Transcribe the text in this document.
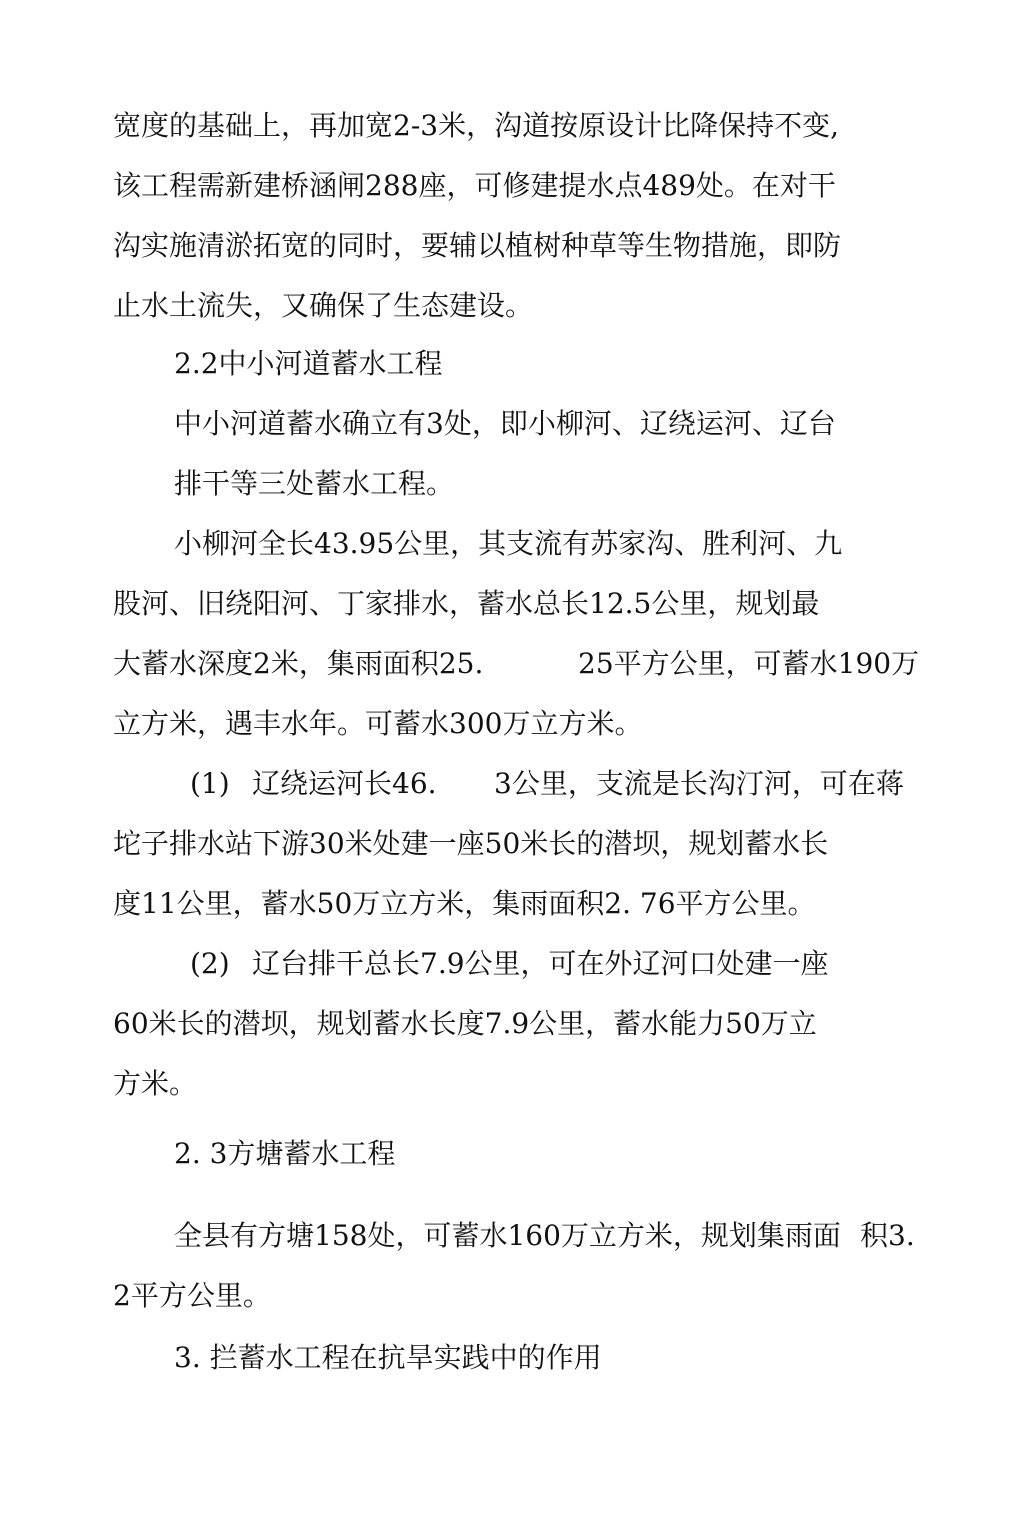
宽度的基础上，再加宽2-3米，沟道按原设计比降保持不变,

该工程需新建桥涵闸288座，可修建提水点489处。在对干

沟实施清淤拓宽的同时，要辅以植树种草等生物措施，即防

止水土流失，又确保了生态建设。

2.2中小河道蓄水工程

中小河道蓄水确立有3处，即小柳河、辽绕运河、辽台

排干等三处蓄水工程。

小柳河全长43.95公里，其支流有苏家沟、胜利河、九

股河、旧绕阳河、丁家排水，蓄水总长12.5公里，规划最

大蓄水深度2米，集雨面积25.	25平方公里，可蓄水190万

立方米，遇丰水年。可蓄水300万立方米。

(1) 辽绕运河长46. 3公里，支流是长沟汀河，可在蒋

坨子排水站下游30米处建一座50米长的潜坝，规划蓄水长

度11公里，蓄水50万立方米，集雨面积2. 76平方公里。

(2) 辽台排干总长7.9公里，可在外辽河口处建一座

60米长的潜坝，规划蓄水长度7.9公里，蓄水能力50万立

方米。

2. 3方塘蓄水工程

全县有方塘158处，可蓄水160万立方米，规划集雨面 积3.

2平方公里。

3. 拦蓄水工程在抗旱实践中的作用
